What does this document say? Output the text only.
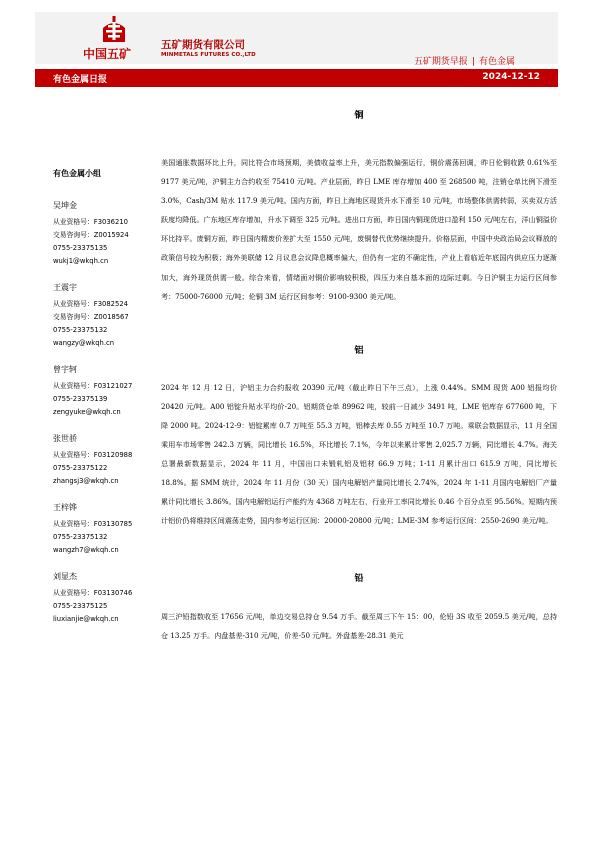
中国五矿
五矿期货有限公司
MINMETALS FUTURES CO.,LTD
五矿期货早报 | 有色金属
有色金属日报	2024-12-12
有色金属小组
吴坤金
从业资格号：F3036210
交易咨询号：Z0015924
0755-23375135
wukj1@wkqh.cn
王震宇
从业资格号：F3082524
交易咨询号：Z0018567
0755-23375132
wangzy@wkqh.cn
曾宇轲
从业资格号：F03121027
0755-23375139
zengyuke@wkqh.cn
张世骄
从业资格号：F03120988
0755-23375122
zhangsj3@wkqh.cn
王梓铧
从业资格号：F03130785
0755-23375132
wangzh7@wkqh.cn
刘显杰
从业资格号：F03130746
0755-23375125
liuxianjie@wkqh.cn
铜

美国通胀数据环比上升，同比符合市场预期，美债收益率上升，美元指数偏强运行，铜价震荡回调，昨日伦铜收跌 0.61%至 9177 美元/吨，沪铜主力合约收至 75410 元/吨。产业层面，昨日 LME 库存增加 400 至 268500 吨，注销仓单比例下滑至 3.0%，Cash/3M 贴水 117.9 美元/吨。国内方面，昨日上海地区现货升水下滑至 10 元/吨，市场整体供需转弱，买卖双方活跃度均降低。广东地区库存增加，升水下调至 325 元/吨。进出口方面，昨日国内铜现货进口盈利 150 元/吨左右，洋山铜溢价环比持平。废铜方面，昨日国内精废价差扩大至 1550 元/吨，废铜替代优势继续提升。价格层面，中国中央政治局会议释放的政策信号较为积极；海外美联储 12 月议息会议降息概率偏大，但仍有一定的不确定性，产业上看临近年底国内供应压力逐渐加大，海外现货供需一般。综合来看，情绪面对铜价影响较积极，四压力来自基本面的边际过剩。今日沪铜主力运行区间参考：75000-76000 元/吨；伦铜 3M 运行区间参考：9100-9300 美元/吨。

铝

2024 年 12 月 12 日，沪铝主力合约报收 20390 元/吨（截止昨日下午三点），上涨 0.44%。SMM 现货 A00 铝报均价 20420 元/吨。A00 铝锭升贴水平均价-20。铝期货仓单 89962 吨，较前一日减少 3491 吨，LME 铝库存 677600 吨，下降 2000 吨。2024-12-9：铝锭累库 0.7 万吨至 55.3 万吨，铝棒去库 0.55 万吨至 10.7 万吨。乘联会数据显示，11 月全国乘用车市场零售 242.3 万辆，同比增长 16.5%，环比增长 7.1%，今年以来累计零售 2,025.7 万辆，同比增长 4.7%。海关总署最新数据显示，2024 年 11 月，中国出口未锻轧铝及铝材 66.9 万吨；1-11 月累计出口 615.9 万吨，同比增长 18.8%。据 SMM 统计，2024 年 11 月份（30 天）国内电解铝产量同比增长 2.74%，2024 年 1-11 月国内电解铝厂产量累计同比增长 3.86%。国内电解铝运行产能约为 4368 万吨左右，行业开工率同比增长 0.46 个百分点至 95.56%。短期内预计铝价仍将维持区间震荡走势，国内参考运行区间：20000-20800 元/吨；LME-3M 参考运行区间：2550-2690 美元/吨。

铅

周三沪铅指数收至 17656 元/吨，单边交易总持仓 9.54 万手。截至周三下午 15：00，伦铅 3S 收至 2059.5 美元/吨，总持仓 13.25 万手。内盘基差-310 元/吨，价差-50 元/吨。外盘基差-28.31 美元
